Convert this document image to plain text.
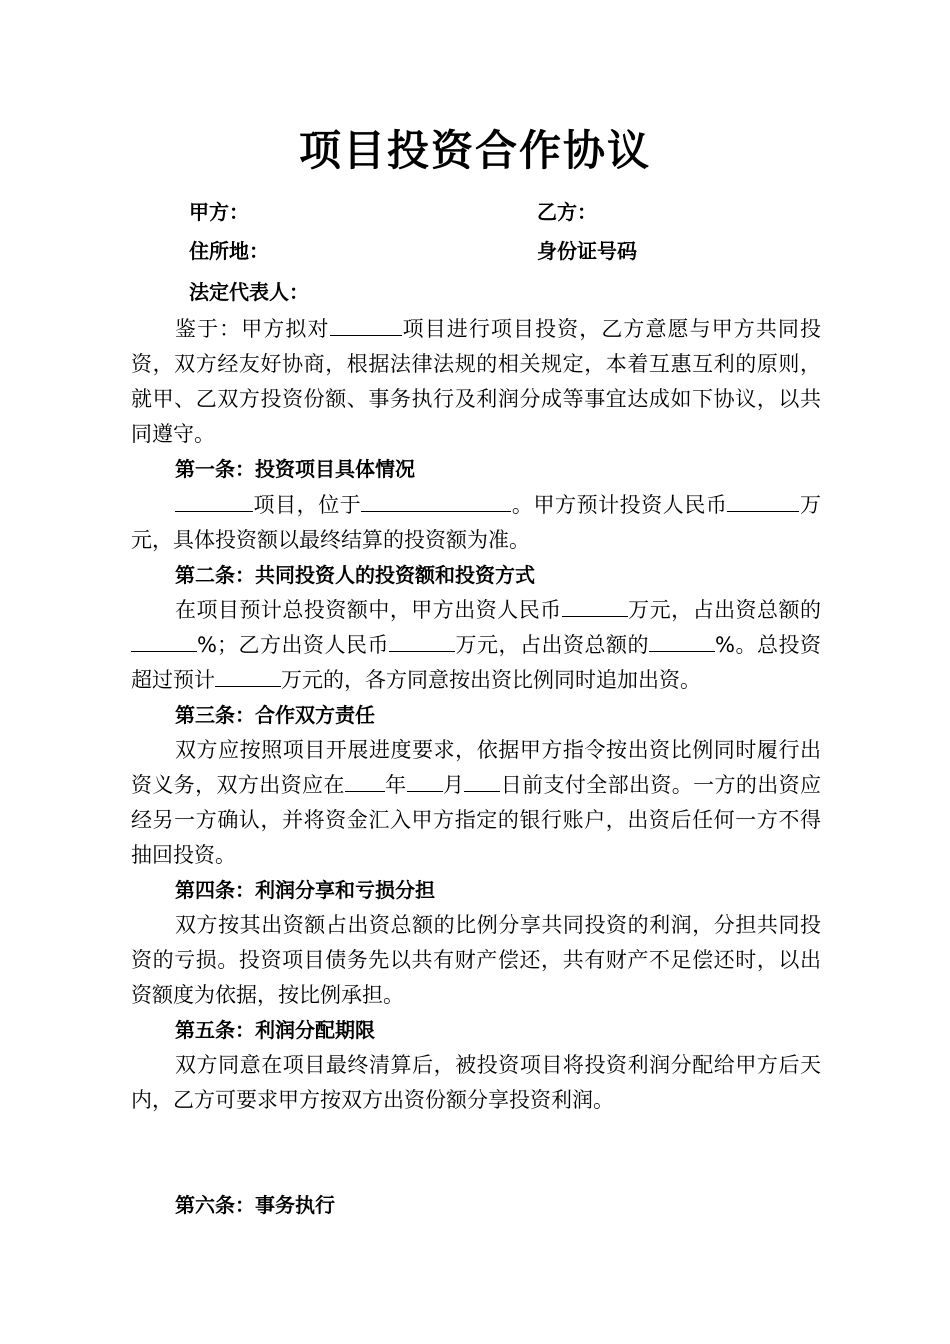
项目投资合作协议
甲方：	乙方：
住所地：	身份证号码
法定代表人：

鉴于：甲方拟对	项目进行项目投资，乙方意愿与甲方共同投资，双方经友好协商，根据法律法规的相关规定，本着互惠互利的原则，就甲、乙双方投资份额、事务执行及利润分成等事宜达成如下协议，以共同遵守。

第一条：投资项目具体情况

项目，位于	。甲方预计投资人民币	万元，具体投资额以最终结算的投资额为准。

第二条：共同投资人的投资额和投资方式

在项目预计总投资额中，甲方出资人民币	万元，占出资总额的%；乙方出资人民币	万元，占出资总额的	%。总投资超过预计	万元的，各方同意按出资比例同时追加出资。

第三条：合作双方责任

双方应按照项目开展进度要求，依据甲方指令按出资比例同时履行出资义务，双方出资应在 年 月 日前支付全部出资。一方的出资应经另一方确认，并将资金汇入甲方指定的银行账户，出资后任何一方不得抽回投资。

第四条：利润分享和亏损分担

双方按其出资额占出资总额的比例分享共同投资的利润，分担共同投资的亏损。投资项目债务先以共有财产偿还，共有财产不足偿还时，以出资额度为依据，按比例承担。

第五条：利润分配期限

双方同意在项目最终清算后，被投资项目将投资利润分配给甲方后天内，乙方可要求甲方按双方出资份额分享投资利润。

第六条：事务执行
